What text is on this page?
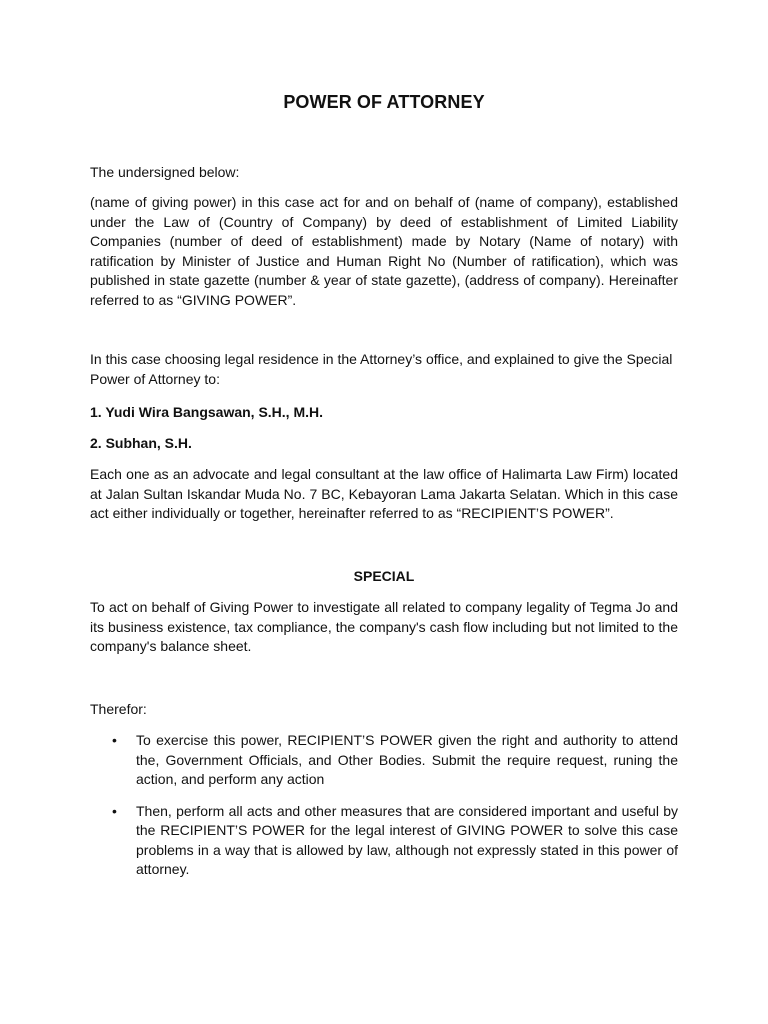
POWER OF ATTORNEY

The undersigned below:

(name of giving power) in this case act for and on behalf of (name of company), established under the Law of (Country of Company) by deed of establishment of Limited Liability Companies (number of deed of establishment) made by Notary (Name of notary) with ratification by Minister of Justice and Human Right No (Number of ratification), which was published in state gazette (number & year of state gazette), (address of company). Hereinafter referred to as “GIVING POWER”.

In this case choosing legal residence in the Attorney’s office, and explained to give the Special Power of Attorney to:

1. Yudi Wira Bangsawan, S.H., M.H.

2. Subhan, S.H.

Each one as an advocate and legal consultant at the law office of Halimarta Law Firm) located at Jalan Sultan Iskandar Muda No. 7 BC, Kebayoran Lama Jakarta Selatan. Which in this case act either individually or together, hereinafter referred to as “RECIPIENT’S POWER”.

SPECIAL

To act on behalf of Giving Power to investigate all related to company legality of Tegma Jo and its business existence, tax compliance, the company's cash flow including but not limited to the company's balance sheet.

Therefor:

• To exercise this power, RECIPIENT’S POWER given the right and authority to attend the, Government Officials, and Other Bodies. Submit the require request, runing the action, and perform any action
• Then, perform all acts and other measures that are considered important and useful by the RECIPIENT’S POWER for the legal interest of GIVING POWER to solve this case problems in a way that is allowed by law, although not expressly stated in this power of attorney.
